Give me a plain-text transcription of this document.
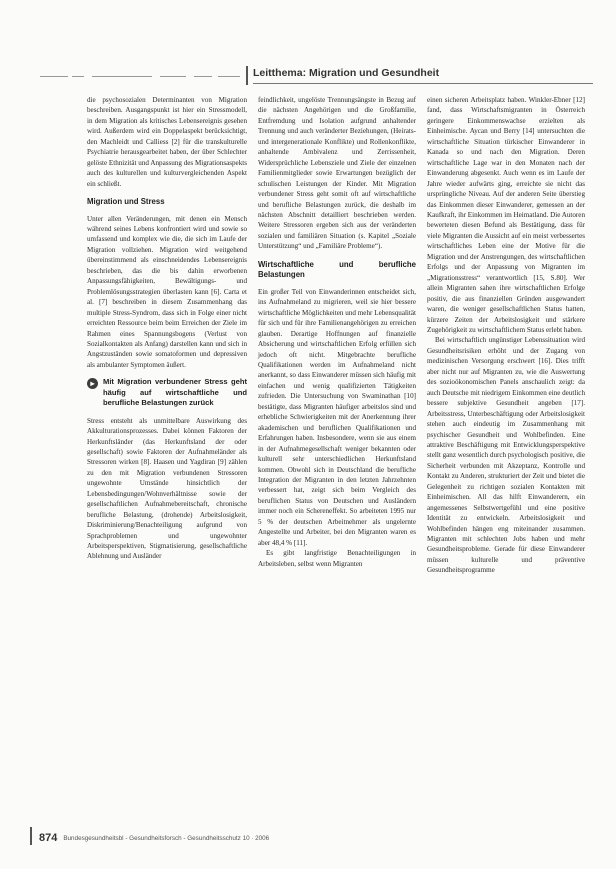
Leitthema: Migration und Gesundheit

die psychosozialen Determinanten von Migration beschreiben. Ausgangspunkt ist hier ein Stressmodell, in dem Migration als kritisches Lebensereignis gesehen wird. Außerdem wird ein Doppelaspekt berücksichtigt, den Machleidt und Calliess [2] für die transkulturelle Psychiatrie herausgearbeitet haben, der über Schlechter gelöste Ethnizität und Anpassung des Migrationsaspekts auch des kulturellen und kulturvergleichenden Aspekt ein schließt.

Migration und Stress

Unter allen Veränderungen, mit denen ein Mensch während seines Lebens konfrontiert wird und sowie so umfassend und komplex wie die, die sich im Laufe der Migration vollziehen. Migration wird weitgehend übereinstimmend als einschneidendes Lebensereignis beschrieben, das die bis dahin erworbenen Anpassungsfähigkeiten, Bewältigungs- und Problemlösungsstrategien überlasten kann [6]. Carta et al. [7] beschreiben in diesem Zusammenhang das multiple Stress-Syndrom, dass sich in Folge einer nicht erreichten Ressource beim beim Erreichen der Ziele im Rahmen eines Spannungsbogens (Verlust von Sozialkontakten als Anfang) darstellen kann und sich in Angstzuständen sowie somatoformen und depressiven als ambulanter Symptomen äußert.

▸	Mit Migration verbundener Stress geht häufig auf wirtschaftliche und berufliche Belastungen zurück

Stress entsteht als unmittelbare Auswirkung des Akkulturationsprozesses. Dabei können Faktoren der Herkunftsländer (das Herkunftsland der oder gesellschaft) sowie Faktoren der Aufnahmeländer als Stressoren wirken [8]. Haasen und Yagdiran [9] zählen zu den mit Migration verbundenen Stressoren ungewohnte Umstände hinsichtlich der Lebensbedingungen/Wohnverhältnisse sowie der gesellschaftlichen Aufnahmebereitschaft, chronische berufliche Belastung, (drohende) Arbeitslosigkeit, Diskriminierung/Benachteiligung aufgrund von Sprachproblemen und ungewohnter Arbeitsperspektiven, Stigmatisierung, gesellschaftliche Ablehnung und Ausländer

feindlichkeit, ungelöste Trennungsängste in Bezug auf die nächsten Angehörigen und die Großfamilie, Entfremdung und Isolation aufgrund anhaltender Trennung und auch veränderter Beziehungen, (Heirats- und intergenerationale Konflikte) und Rollenkonflikte, anhaltende Ambivalenz und Zerrissenheit, Widersprüchliche Lebensziele und Ziele der einzelnen Familienmitglieder sowie Erwartungen bezüglich der schulischen Leistungen der Kinder. Mit Migration verbundener Stress geht somit oft auf wirtschaftliche und berufliche Belastungen zurück, die deshalb im nächsten Abschnitt detailliert beschrieben werden. Weitere Stressoren ergeben sich aus der veränderten sozialen und familiären Situation (s. Kapitel „Soziale Unterstützung“ und „Familiäre Probleme“).

Wirtschaftliche und berufliche Belastungen

Ein großer Teil von Einwanderinnen entscheidet sich, ins Aufnahmeland zu migrieren, weil sie hier bessere wirtschaftliche Möglichkeiten und mehr Lebensqualität für sich und für ihre Familienangehörigen zu erreichen glauben. Derartige Hoffnungen auf finanzielle Absicherung und wirtschaftlichen Erfolg erfüllen sich jedoch oft nicht. Mitgebrachte berufliche Qualifikationen werden im Aufnahmeland nicht anerkannt, so dass Einwanderer müssen sich häufig mit einfachen und wenig qualifizierten Tätigkeiten zufrieden. Die Untersuchung von Swaminathan [10] bestätigte, dass Migranten häufiger arbeitslos sind und erhebliche Schwierigkeiten mit der Anerkennung ihrer akademischen und beruflichen Qualifikationen und Erfahrungen haben. Insbesondere, wenn sie aus einem in der Aufnahmegesellschaft weniger bekannten oder kulturell sehr unterschiedlichen Herkunftsland kommen. Obwohl sich in Deutschland die berufliche Integration der Migranten in den letzten Jahrzehnten verbessert hat, zeigt sich beim Vergleich des beruflichen Status von Deutschen und Ausländern immer noch ein Schereneffekt. So arbeiteten 1995 nur 5 % der deutschen Arbeitnehmer als ungelernte Angestellte und Arbeiter, bei den Migranten waren es aber 48,4 % [11].

Es gibt langfristige Benachteiligungen in Arbeitsleben, selbst wenn Migranten

einen sicheren Arbeitsplatz haben. Winkler-Ebner [12] fand, dass Wirtschaftsmigranten in Österreich geringere Einkommenswachse erzielten als Einheimische. Aycan und Berry [14] untersuchten die wirtschaftliche Situation türkischer Einwanderer in Kanada so und nach den Migration. Deren wirtschaftliche Lage war in den Monaten nach der Einwanderung abgesenkt. Auch wenn es im Laufe der Jahre wieder aufwärts ging, erreichte sie nicht das ursprüngliche Niveau. Auf der anderen Seite überstieg das Einkommen dieser Einwanderer, gemessen an der Kaufkraft, ihr Einkommen im Heimatland. Die Autoren bewerteten diesen Befund als Bestätigung, dass für viele Migranten die Aussicht auf ein meist verbessertes wirtschaftliches Leben eine der Motive für die Migration und der Anstrengungen, des wirtschaftlichen Erfolgs und der Anpassung von Migranten im „Migrationsstress“ verantwortlich [15, S.80]. Wer allein Migranten sahen ihre wirtschaftlichen Erfolge positiv, die aus finanziellen Gründen ausgewandert waren, die weniger gesellschaftlichen Status hatten, kürzere Zeiten der Arbeitslosigkeit und stärkere Zugehörigkeit zu wirtschaftlichem Status erlebt haben.

Bei wirtschaftlich ungünstiger Lebenssituation wird Gesundheitsrisiken erhöht und der Zugang von medizinischen Versorgung erschwert [16]. Dies trifft aber nicht nur auf Migranten zu, wie die Auswertung des sozioökonomischen Panels anschaulich zeigt: da auch Deutsche mit niedrigem Einkommen eine deutlich bessere subjektive Gesundheit angeben [17]. Arbeitsstress, Unterbeschäftigung oder Arbeitslosigkeit stehen auch eindeutig im Zusammenhang mit psychischer Gesundheit und Wohlbefinden. Eine attraktive Beschäftigung mit Entwicklungsperspektive stellt ganz wesentlich durch psychologisch positive, die Sicherheit verbunden mit Akzeptanz, Kontrolle und Kontakt zu Anderen, strukturiert der Zeit und bietet die Gelegenheit zu richtigen sozialen Kontakten mit Einheimischen. All das hilft Einwanderern, ein angemessenes Selbstwertgefühl und eine positive Identität zu entwickeln. Arbeitslosigkeit und Wohlbefinden hängen eng miteinander zusammen. Migranten mit schlechten Jobs haben und mehr Gesundheitsprobleme. Gerade für diese Einwanderer müssen kulturelle und präventive Gesundheitsprogramme

874 Bundesgesundheitsbl - Gesundheitsforsch - Gesundheitsschutz 10 · 2006
